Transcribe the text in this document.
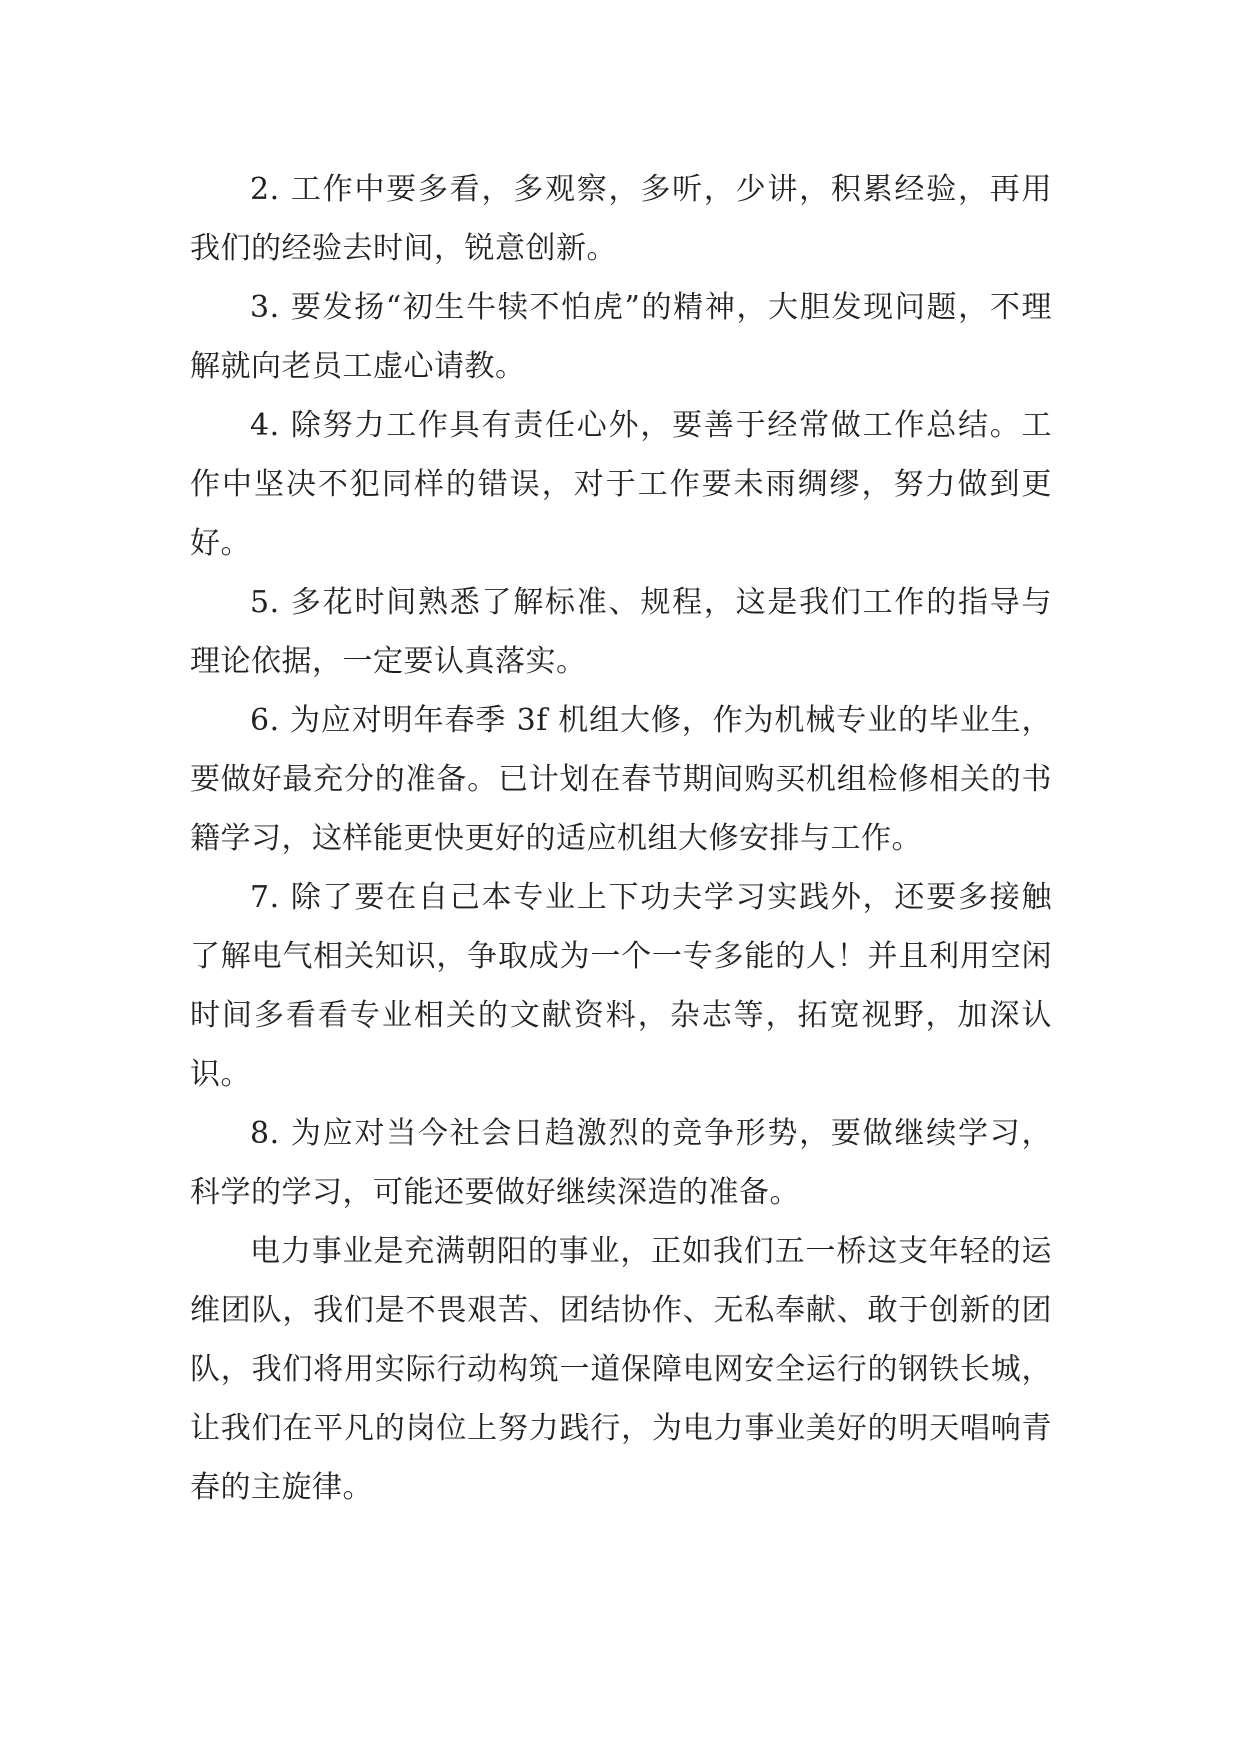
2. 工作中要多看，多观察，多听，少讲，积累经验，再用我们的经验去时间，锐意创新。

3. 要发扬“初生牛犊不怕虎”的精神，大胆发现问题，不理解就向老员工虚心请教。

4. 除努力工作具有责任心外，要善于经常做工作总结。工作中坚决不犯同样的错误，对于工作要未雨绸缪，努力做到更好。

5. 多花时间熟悉了解标准、规程，这是我们工作的指导与理论依据，一定要认真落实。

6. 为应对明年春季 3f 机组大修，作为机械专业的毕业生，要做好最充分的准备。已计划在春节期间购买机组检修相关的书籍学习，这样能更快更好的适应机组大修安排与工作。

7. 除了要在自己本专业上下功夫学习实践外，还要多接触了解电气相关知识，争取成为一个一专多能的人！并且利用空闲时间多看看专业相关的文献资料，杂志等，拓宽视野，加深认识。

8. 为应对当今社会日趋激烈的竞争形势，要做继续学习，科学的学习，可能还要做好继续深造的准备。

电力事业是充满朝阳的事业，正如我们五一桥这支年轻的运维团队，我们是不畏艰苦、团结协作、无私奉献、敢于创新的团队，我们将用实际行动构筑一道保障电网安全运行的钢铁长城，让我们在平凡的岗位上努力践行，为电力事业美好的明天唱响青春的主旋律。
